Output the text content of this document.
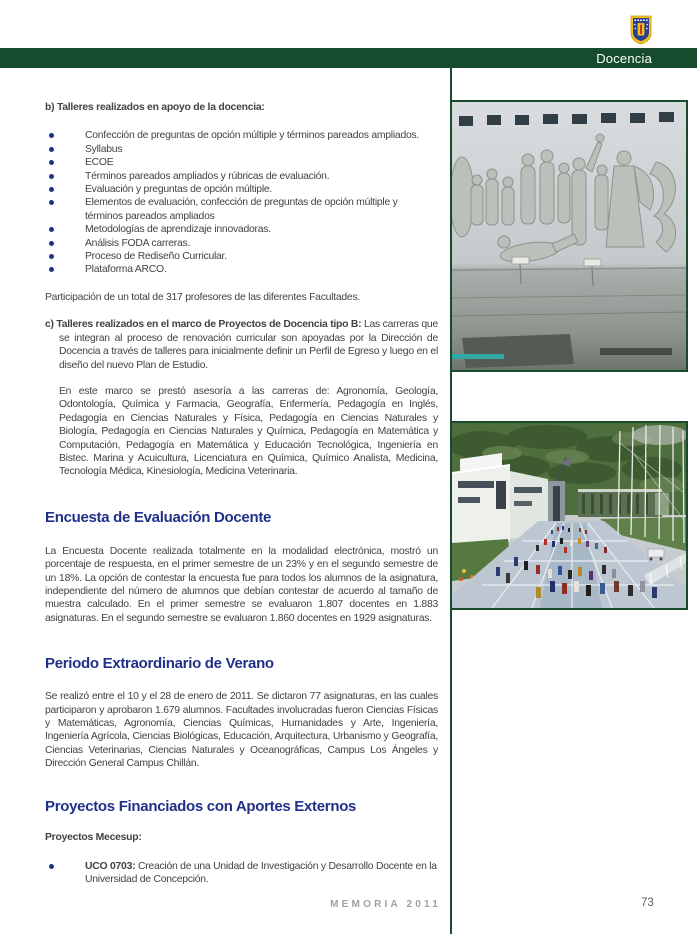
Docencia

b) Talleres realizados en apoyo de la docencia:

Confección de preguntas de opción múltiple y términos pareados ampliados.
Syllabus
ECOE
Términos pareados ampliados y rúbricas de evaluación.
Evaluación y preguntas de opción múltiple.
Elementos de evaluación, confección de preguntas de opción múltiple y términos pareados ampliados
Metodologías de aprendizaje innovadoras.
Análisis FODA carreras.
Proceso de Rediseño Curricular.
Plataforma ARCO.

Participación de un total de 317 profesores de las diferentes Facultades.

c) Talleres realizados en el marco de Proyectos de Docencia tipo B: Las carreras que se integran al proceso de renovación curricular son apoyadas por la Dirección de Docencia a través de talleres para inicialmente definir un Perfil de Egreso y luego en el diseño del nuevo Plan de Estudio.

En este marco se prestó asesoría a las carreras de: Agronomía, Geología, Odontología, Química y Farmacia, Geografía, Enfermería, Pedagogía en Inglés, Pedagogía en Ciencias Naturales y Física, Pedagogía en Ciencias Naturales y Biología, Pedagogía en Ciencias Naturales y Química, Pedagogía en Matemática y Computación, Pedagogía en Matemática y Educación Tecnológica, Ingeniería en Bistec. Marina y Acuicultura, Licenciatura en Química, Químico Analista, Medicina, Tecnología Médica, Kinesiología, Medicina Veterinaria.

Encuesta de Evaluación Docente

La Encuesta Docente realizada totalmente en la modalidad electrónica, mostró un porcentaje de respuesta, en el primer semestre de un 23% y en el segundo semestre de un 18%. La opción de contestar la encuesta fue para todos los alumnos de la asignatura, independiente del número de alumnos que debían contestar de acuerdo al tamaño de muestra calculado. En el primer semestre se evaluaron 1.807 docentes en 1.883 asignaturas. En el segundo semestre se evaluaron 1.860 docentes en 1929 asignaturas.

Periodo Extraordinario de Verano

Se realizó entre el 10 y el 28 de enero de 2011. Se dictaron 77 asignaturas, en las cuales participaron y aprobaron 1.679 alumnos. Facultades involucradas fueron Ciencias Físicas y Matemáticas, Agronomía, Ciencias Químicas, Humanidades y Arte, Ingeniería, Ingeniería Agrícola, Ciencias Biológicas, Educación, Arquitectura, Urbanismo y Geografía, Ciencias Veterinarias, Ciencias Naturales y Oceanográficas, Campus Los Ángeles y Dirección General Campus Chillán.

Proyectos Financiados con Aportes Externos

Proyectos Mecesup:

UCO 0703: Creación de una Unidad de Investigación y Desarrollo Docente en la Universidad de Concepción.
MEMORIA 2011	73
